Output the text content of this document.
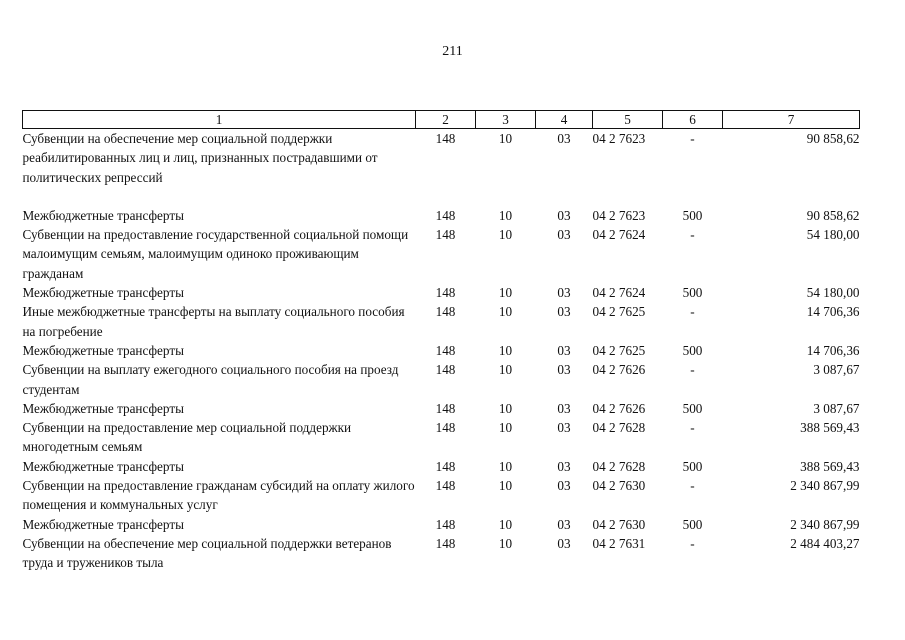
211
1	2	3	4	5	6	7
Субвенции на обеспечение мер социальной поддержки реабилитированных лиц и лиц, признанных пострадавшими от политических репрессий	148	10	03	04 2 7623	-	90 858,62

Межбюджетные трансферты	148	10	03	04 2 7623	500	90 858,62
Субвенции на предоставление государственной социальной помощи малоимущим семьям, малоимущим одиноко проживающим гражданам	148	10	03	04 2 7624	-	54 180,00
Межбюджетные трансферты	148	10	03	04 2 7624	500	54 180,00
Иные межбюджетные трансферты на выплату социального пособия на погребение	148	10	03	04 2 7625	-	14 706,36
Межбюджетные трансферты	148	10	03	04 2 7625	500	14 706,36
Субвенции на выплату ежегодного социального пособия на проезд студентам	148	10	03	04 2 7626	-	3 087,67
Межбюджетные трансферты	148	10	03	04 2 7626	500	3 087,67
Субвенции на предоставление мер социальной поддержки многодетным семьям	148	10	03	04 2 7628	-	388 569,43
Межбюджетные трансферты	148	10	03	04 2 7628	500	388 569,43
Субвенции на предоставление гражданам субсидий на оплату жилого помещения и коммунальных услуг	148	10	03	04 2 7630	-	2 340 867,99
Межбюджетные трансферты	148	10	03	04 2 7630	500	2 340 867,99
Субвенции на обеспечение мер социальной поддержки ветеранов труда и тружеников тыла	148	10	03	04 2 7631	-	2 484 403,27
